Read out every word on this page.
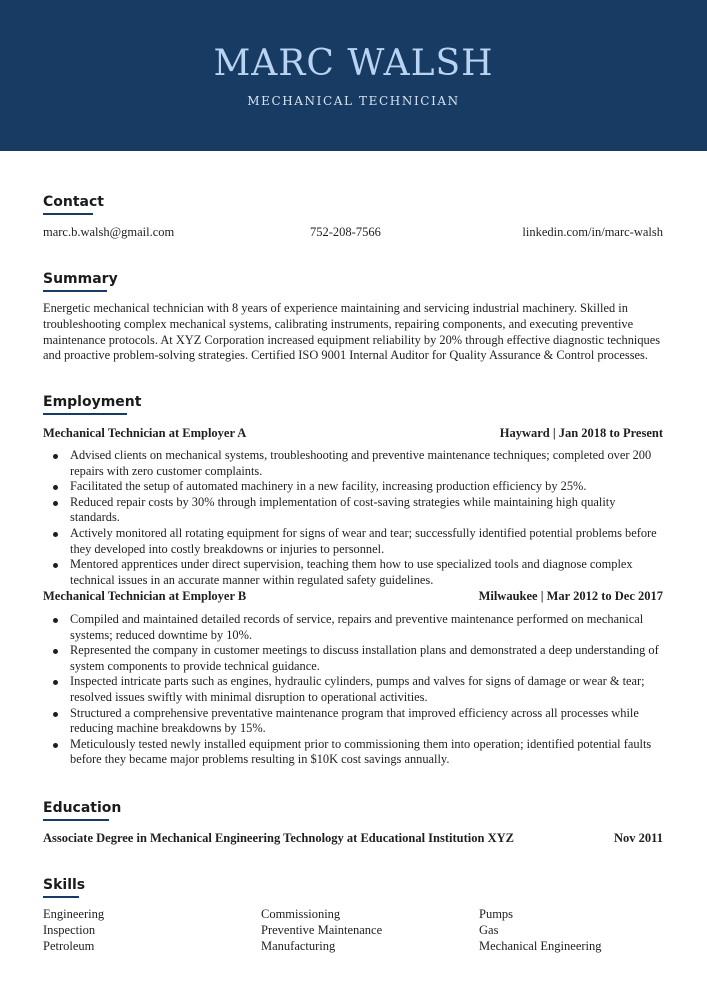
MARC WALSH
MECHANICAL TECHNICIAN
Contact
marc.b.walsh@gmail.com	752-208-7566	linkedin.com/in/marc-walsh
Summary

Energetic mechanical technician with 8 years of experience maintaining and servicing industrial machinery. Skilled in troubleshooting complex mechanical systems, calibrating instruments, repairing components, and executing preventive maintenance protocols. At XYZ Corporation increased equipment reliability by 20% through effective diagnostic techniques and proactive problem-solving strategies. Certified ISO 9001 Internal Auditor for Quality Assurance & Control processes.

Employment
Mechanical Technician at Employer A	Hayward | Jan 2018 to Present
Advised clients on mechanical systems, troubleshooting and preventive maintenance techniques; completed over 200 repairs with zero customer complaints.
Facilitated the setup of automated machinery in a new facility, increasing production efficiency by 25%.
Reduced repair costs by 30% through implementation of cost-saving strategies while maintaining high quality standards.
Actively monitored all rotating equipment for signs of wear and tear; successfully identified potential problems before they developed into costly breakdowns or injuries to personnel.
Mentored apprentices under direct supervision, teaching them how to use specialized tools and diagnose complex technical issues in an accurate manner within regulated safety guidelines.
Mechanical Technician at Employer B	Milwaukee | Mar 2012 to Dec 2017
Compiled and maintained detailed records of service, repairs and preventive maintenance performed on mechanical systems; reduced downtime by 10%.
Represented the company in customer meetings to discuss installation plans and demonstrated a deep understanding of system components to provide technical guidance.
Inspected intricate parts such as engines, hydraulic cylinders, pumps and valves for signs of damage or wear & tear; resolved issues swiftly with minimal disruption to operational activities.
Structured a comprehensive preventative maintenance program that improved efficiency across all processes while reducing machine breakdowns by 15%.
Meticulously tested newly installed equipment prior to commissioning them into operation; identified potential faults before they became major problems resulting in $10K cost savings annually.
Education
Associate Degree in Mechanical Engineering Technology at Educational Institution XYZ	Nov 2011
Skills
Engineering	Commissioning	Pumps
Inspection	Preventive Maintenance	Gas
Petroleum	Manufacturing	Mechanical Engineering
